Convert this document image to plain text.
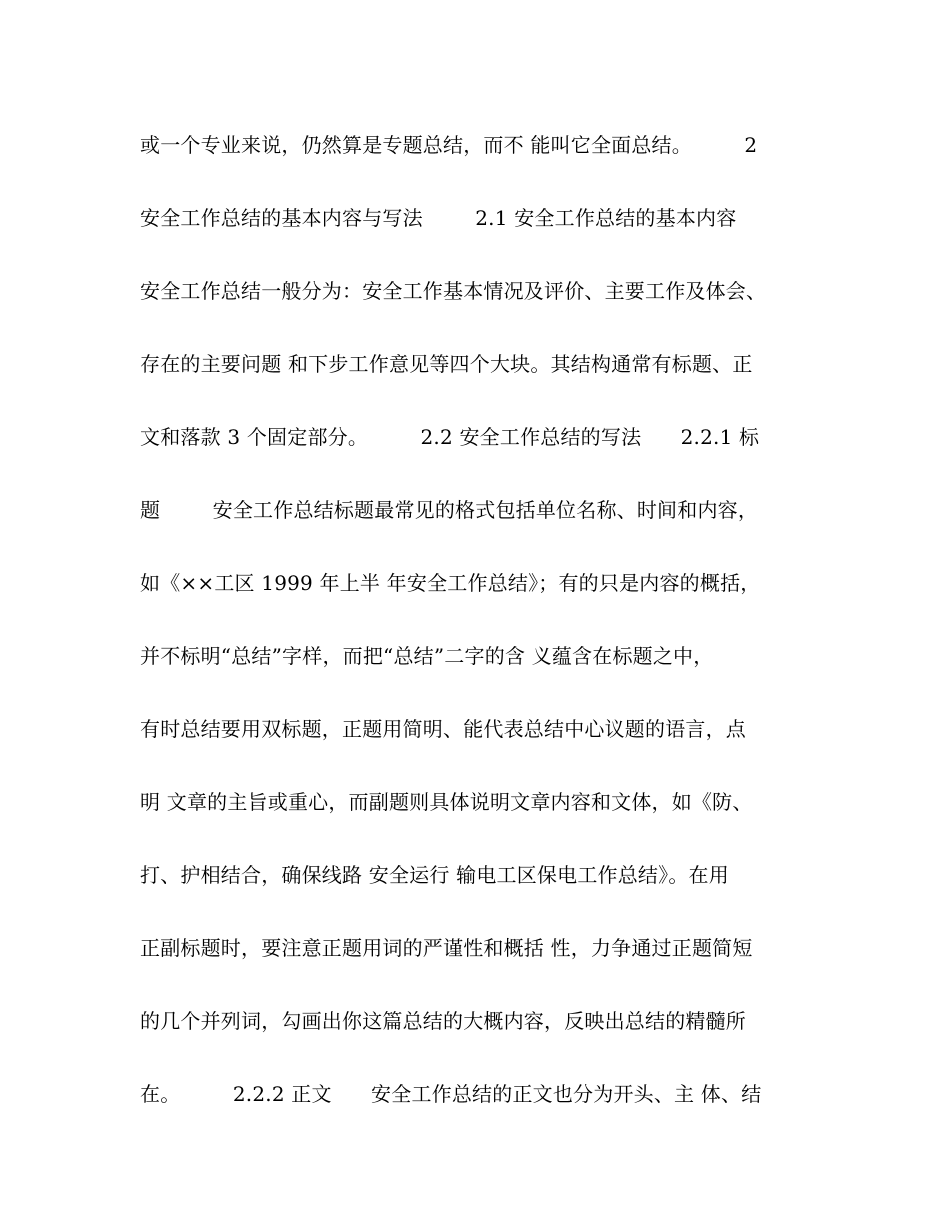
或一个专业来说，仍然算是专题总结，而不 能叫它全面总结。        2
安全工作总结的基本内容与写法        2.1 安全工作总结的基本内容
安全工作总结一般分为：安全工作基本情况及评价、主要工作及体会、
存在的主要问题 和下步工作意见等四个大块。其结构通常有标题、正
文和落款 3 个固定部分。        2.2 安全工作总结的写法      2.2.1 标
题        安全工作总结标题最常见的格式包括单位名称、时间和内容，
如《××工区 1999 年上半 年安全工作总结》；有的只是内容的概括，
并不标明“总结”字样，而把“总结”二字的含 义蕴含在标题之中，
有时总结要用双标题，正题用简明、能代表总结中心议题的语言，点
明 文章的主旨或重心，而副题则具体说明文章内容和文体，如《防、
打、护相结合，确保线路 安全运行 输电工区保电工作总结》。在用
正副标题时，要注意正题用词的严谨性和概括 性，力争通过正题简短
的几个并列词，勾画出你这篇总结的大概内容，反映出总结的精髓所
在。        2.2.2 正文      安全工作总结的正文也分为开头、主 体、结
